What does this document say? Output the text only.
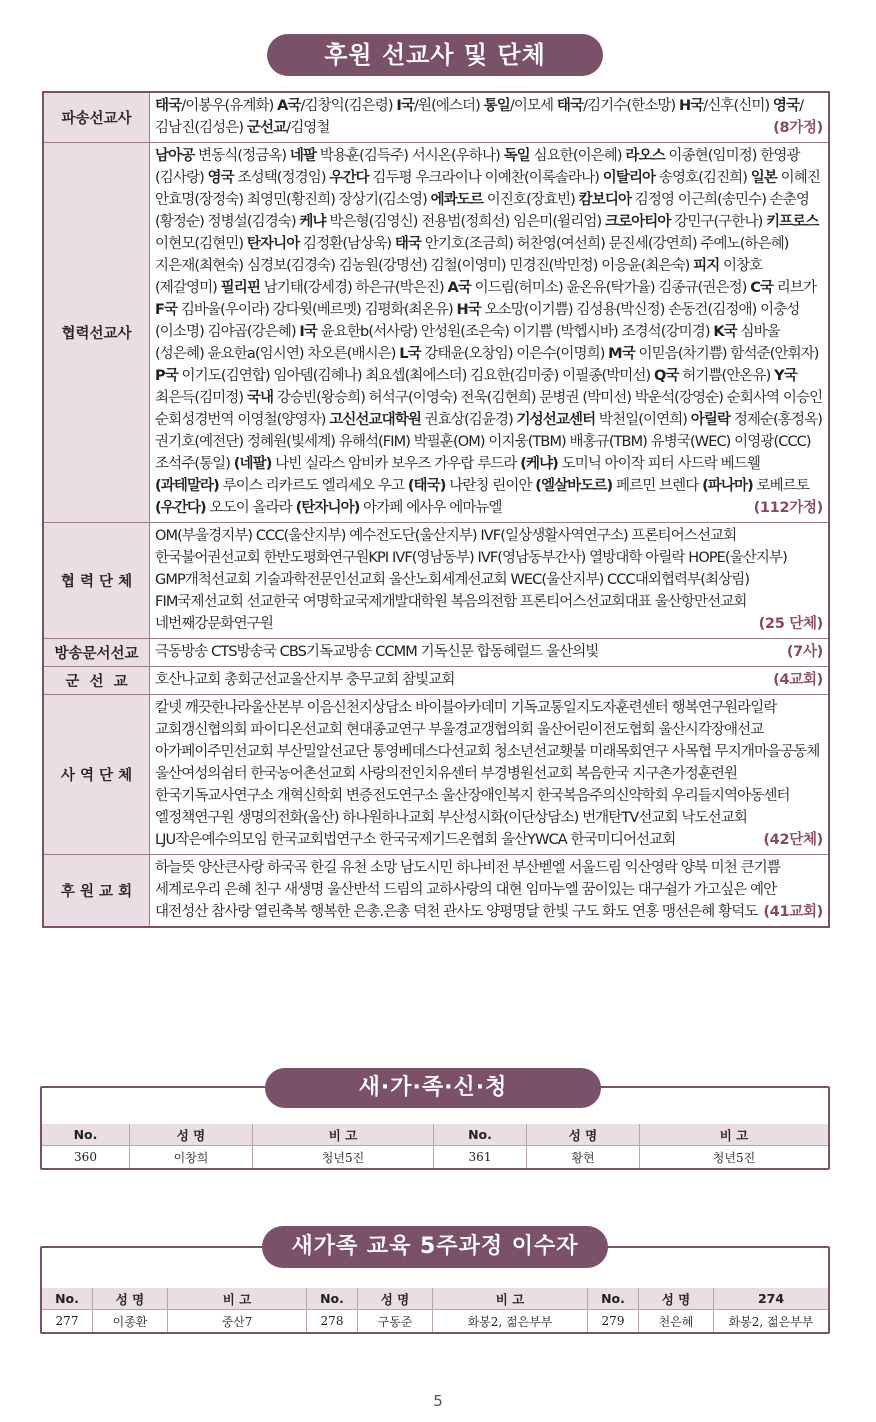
후원 선교사 및 단체
파송선교사	태국/이봉우(유계화) A국/김창익(김은령) I국/원(에스더) 통일/이모세 태국/김기수(한소망) H국/신후(신미) 영국/김남진(김성은) 군선교/김영철 (8가정)

협력선교사	남아공 변동식(정금옥) 네팔 박용훈(김득주) 서시온(우하나) 독일 심요한(이은혜) 라오스 이종현(임미정) 한영광(김사랑) 영국 조성택(정경임) 우간다 김두평 우크라이나 이예찬(이록솔라나) 이탈리아 송영호(김진희) 일본 이혜진 안효명(장정숙) 최영민(황진희) 장상기(김소영) 에콰도르 이진호(장효빈) 캄보디아 김정영 이근희(송민수) 손춘영(황정순) 정병설(김경숙) 케냐 박은형(김영신) 전용범(정희선) 임은미(윌리엄) 크로아티아 강민구(구한나) 키프로스 이현모(김현민) 탄자니아 김정환(남상욱) 태국 안기호(조금희) 허찬영(여선희) 문진세(강연희) 주예노(하은혜) 지은재(최현숙) 심경보(김경숙) 김농원(강명선) 김철(이영미) 민경진(박민정) 이응윤(최은숙) 피지 이창호(제갈영미) 필리핀 남기태(강세경) 하은규(박은진) A국 이드림(허미소) 윤온유(탁가율) 김종규(권은정) C국 리브가 F국 김바울(우이라) 강다윗(베르멧) 김평화(최온유) H국 오소망(이기쁨) 김성용(박신정) 손동건(김정애) 이충성(이소명) 김야곱(강은혜) I국 윤요한b(서사랑) 안성원(조은숙) 이기쁨 (박헵시바) 조경석(강미경) K국 심바울(성은혜) 윤요한a(임시연) 차오른(배시은) L국 강태윤(오창임) 이은수(이명희) M국 이믿음(차기쁨) 함석준(안휘자) P국 이기도(김연합) 임아뎀(김혜나) 최요셉(최에스더) 김요한(김미중) 이필종(박미선) Q국 허기쁨(안온유) Y국 최은득(김미정) 국내 강승빈(왕승희) 허석구(이영숙) 전욱(김현희) 문병권 (박미선) 박운석(강영순) 순회사역 이승인 순회성경번역 이영철(양영자) 고신선교대학원 권효상(김윤경) 기성선교센터 박천일(이연희) 아릴락 정제순(홍정옥) 권기호(예전단) 정혜원(빛세계) 유해석(FIM) 박필훈(OM) 이지웅(TBM) 배홍규(TBM) 유병국(WEC) 이영광(CCC) 조석주(통일) (네팔) 나빈 실라스 암비카 보우즈 가우랍 루드라 (케냐) 도미닉 아이작 피터 사드락 베드웰 (과테말라) 루이스 리카르도 엘리세오 우고 (태국) 나란칭 린이안 (엘살바도르) 페르민 브렌다 (파나마) 로베르토 (우간다) 오도이 올라라 (탄자니아) 아가페 에사우 에마뉴엘 (112가정)

협 력 단 체	OM(부울경지부) CCC(울산지부) 예수전도단(울산지부) IVF(일상생활사역연구소) 프론티어스선교회 한국불어권선교회 한반도평화연구원KPI IVF(영남동부) IVF(영남동부간사) 열방대학 아릴락 HOPE(울산지부) GMP개척선교회 기술과학전문인선교회 울산노회세계선교회 WEC(울산지부) CCC대외협력부(최상림) FIM국제선교회 선교한국 여명학교국제개발대학원 복음의전함 프론티어스선교회대표 울산항만선교회 네번째강문화연구원 (25 단체)

방송문서선교	극동방송 CTS방송국 CBS기독교방송 CCMM 기독신문 합동헤럴드 울산의빛 (7사)

군  선  교	호산나교회 총회군선교울산지부 충무교회 참빛교회 (4교회)

사 역 단 체	칼넷 깨끗한나라울산본부 이음신천지상담소 바이블아카데미 기독교통일지도자훈련센터 행복연구원라일락 교회갱신협의회 파이디온선교회 현대종교연구 부울경교갱협의회 울산어린이전도협회 울산시각장애선교 아가페이주민선교회 부산밀알선교단 통영베데스다선교회 청소년선교횃불 미래목회연구 사목협 무지개마을공동체 울산여성의쉼터 한국농어촌선교회 사랑의전인치유센터 부경병원선교회 복음한국 지구촌가정훈련원 한국기독교사연구소 개혁신학회 변증전도연구소 울산장애인복지 한국복음주의신약학회 우리들지역아동센터 엘정책연구원 생명의전화(울산) 하나원하나교회 부산성시화(이단상담소) 번개탄TV선교회 낙도선교회 LJU작은예수의모임 한국교회법연구소 한국국제기드온협회 울산YWCA 한국미디어선교회 (42단체)

후 원 교 회	하늘뜻 양산큰사랑 하국곡 한길 유천 소망 남도시민 하나비전 부산벧엘 서울드림 익산영락 양북 미천 큰기쁨 세계로우리 은혜 친구 새생명 울산반석 드림의 교하사랑의 대현 임마누엘 꿈이있는 대구쉴가 가고싶은 예안 대전성산 참사랑 열린축복 행복한 은총.은총 덕천 관사도 양평명달 한빛 구도 화도 연홍 맹선은혜 황덕도 (41교회)
No.	성 명	비 고	No.	성 명	비 고
360	이창희	청년5진	361	황현	청년5진
새·가·족·신·청
No.	성 명	비 고	No.	성 명	비 고	No.	성 명	274
277	이종환	중산7	278	구동준	화봉2, 젊은부부	279	천은혜	화봉2, 젊은부부
새가족 교육 5주과정 이수자
5
